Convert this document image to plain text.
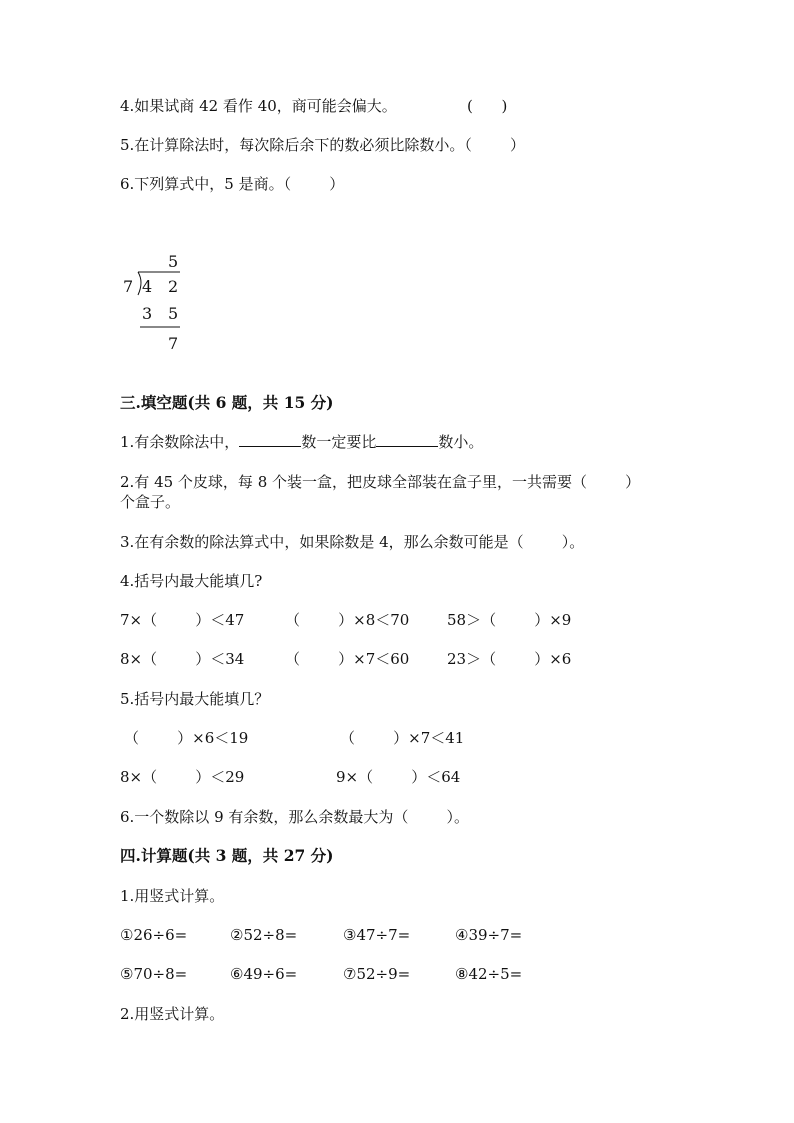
4.如果试商 42 看作 40，商可能会偏大。	(      )
5.在计算除法时，每次除后余下的数必须比除数小。（        ）
6.下列算式中，5 是商。（        ）
5
7 4 2
3 5
7
三.填空题(共 6 题，共 15 分)
1.有余数除法中，	数一定要比	数小。
2.有 45 个皮球，每 8 个装一盒，把皮球全部装在盒子里，一共需要（        ）
个盒子。
3.在有余数的除法算式中，如果除数是 4，那么余数可能是（        ）。
4.括号内最大能填几?
7×（        ）＜47	（        ）×8＜70	58＞（        ）×9
8×（        ）＜34	（        ）×7＜60	23＞（        ）×6
5.括号内最大能填几？
（        ）×6＜19	（        ）×7＜41
8×（        ）＜29	9×（        ）＜64
6.一个数除以 9 有余数，那么余数最大为（        ）。
四.计算题(共 3 题，共 27 分)
1.用竖式计算。
①26÷6=	②52÷8=	③47÷7=	④39÷7=
⑤70÷8=	⑥49÷6=	⑦52÷9=	⑧42÷5=
2.用竖式计算。
